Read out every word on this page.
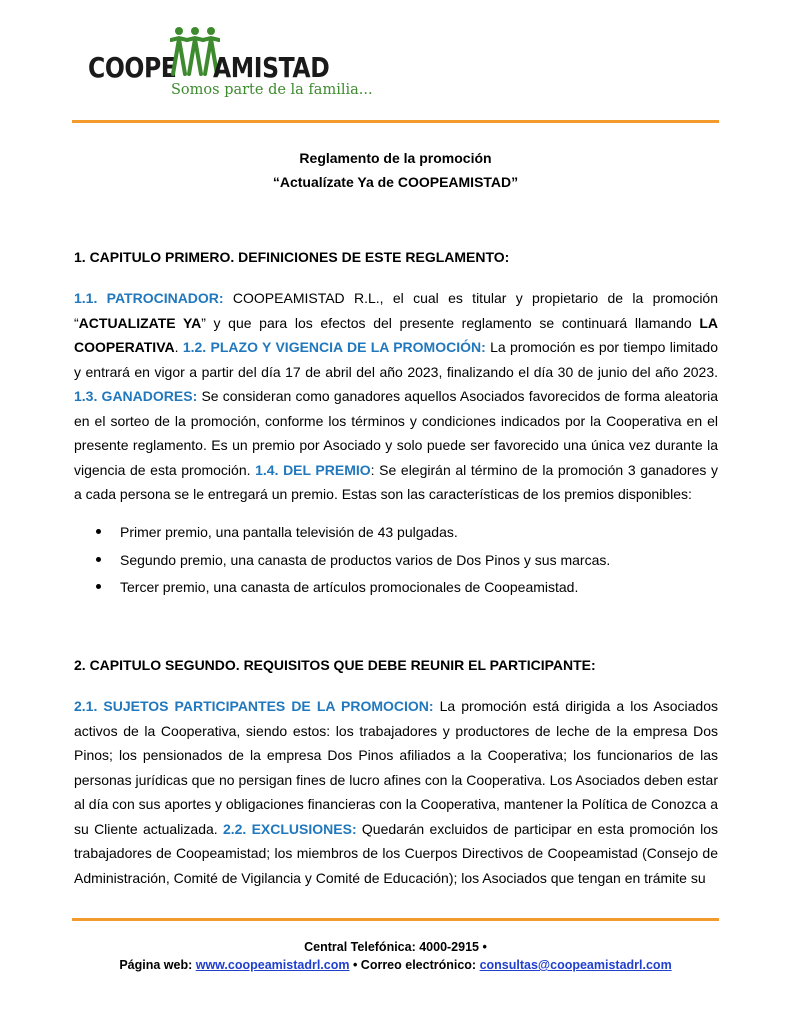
COOPE AMISTAD
Somos parte de la familia...
Reglamento de la promoción
“Actualízate Ya de COOPEAMISTAD”
1. CAPITULO PRIMERO. DEFINICIONES DE ESTE REGLAMENTO:
1.1. PATROCINADOR: COOPEAMISTAD R.L., el cual es titular y propietario de la promoción “ACTUALIZATE YA” y que para los efectos del presente reglamento se continuará llamando LA COOPERATIVA. 1.2. PLAZO Y VIGENCIA DE LA PROMOCIÓN: La promoción es por tiempo limitado y entrará en vigor a partir del día 17 de abril del año 2023, finalizando el día 30 de junio del año 2023. 1.3. GANADORES: Se consideran como ganadores aquellos Asociados favorecidos de forma aleatoria en el sorteo de la promoción, conforme los términos y condiciones indicados por la Cooperativa en el presente reglamento. Es un premio por Asociado y solo puede ser favorecido una única vez durante la vigencia de esta promoción. 1.4. DEL PREMIO: Se elegirán al término de la promoción 3 ganadores y a cada persona se le entregará un premio. Estas son las características de los premios disponibles:
Primer premio, una pantalla televisión de 43 pulgadas.
Segundo premio, una canasta de productos varios de Dos Pinos y sus marcas.
Tercer premio, una canasta de artículos promocionales de Coopeamistad.
2. CAPITULO SEGUNDO. REQUISITOS QUE DEBE REUNIR EL PARTICIPANTE:
2.1. SUJETOS PARTICIPANTES DE LA PROMOCION: La promoción está dirigida a los Asociados activos de la Cooperativa, siendo estos: los trabajadores y productores de leche de la empresa Dos Pinos; los pensionados de la empresa Dos Pinos afiliados a la Cooperativa; los funcionarios de las personas jurídicas que no persigan fines de lucro afines con la Cooperativa. Los Asociados deben estar al día con sus aportes y obligaciones financieras con la Cooperativa, mantener la Política de Conozca a su Cliente actualizada. 2.2. EXCLUSIONES: Quedarán excluidos de participar en esta promoción los trabajadores de Coopeamistad; los miembros de los Cuerpos Directivos de Coopeamistad (Consejo de Administración, Comité de Vigilancia y Comité de Educación); los Asociados que tengan en trámite su
Central Telefónica: 4000-2915 •
Página web: www.coopeamistadrl.com • Correo electrónico: consultas@coopeamistadrl.com
